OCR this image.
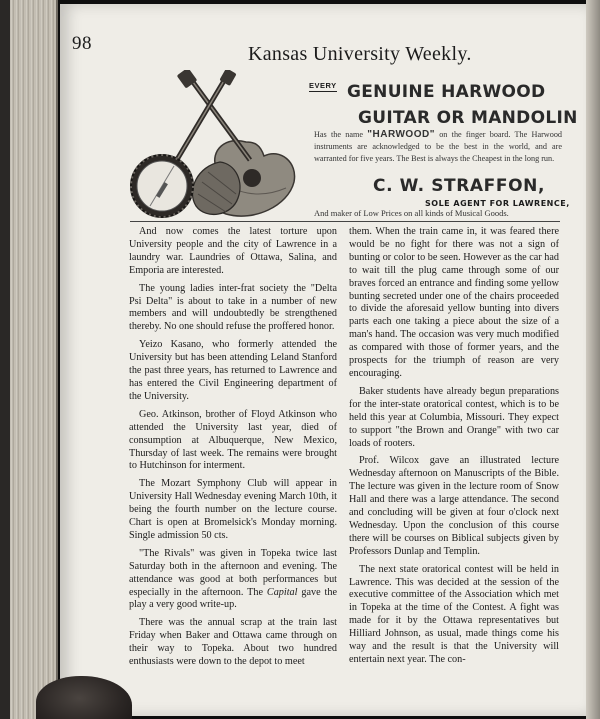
98	Kansas University Weekly.
EVERY GENUINE HARWOOD
GUITAR OR MANDOLIN
Has the name "HARWOOD" on the finger board. The Harwood instruments are acknowledged to be the best in the world, and are warranted for five years. The Best is always the Cheapest in the long run.
C. W. STRAFFON,
SOLE AGENT FOR LAWRENCE,
And maker of Low Prices on all kinds of Musical Goods.

And now comes the latest torture upon University people and the city of Lawrence in a laundry war. Laundries of Ottawa, Salina, and Emporia are interested.

The young ladies inter-frat society the "Delta Psi Delta" is about to take in a number of new members and will undoubtedly be strengthened thereby. No one should refuse the proffered honor.

Yeizo Kasano, who formerly attended the University but has been attending Leland Stanford the past three years, has returned to Lawrence and has entered the Civil Engineering department of the University.

Geo. Atkinson, brother of Floyd Atkinson who attended the University last year, died of consumption at Albuquerque, New Mexico, Thursday of last week. The remains were brought to Hutchinson for interment.

The Mozart Symphony Club will appear in University Hall Wednesday evening March 10th, it being the fourth number on the lecture course. Chart is open at Bromelsick's Monday morning. Single admission 50 cts.

"The Rivals" was given in Topeka twice last Saturday both in the afternoon and evening. The attendance was good at both performances but especially in the afternoon. The Capital gave the play a very good write-up.

There was the annual scrap at the train last Friday when Baker and Ottawa came through on their way to Topeka. About two hundred enthusiasts were down to the depot to meet

them. When the train came in, it was feared there would be no fight for there was not a sign of bunting or color to be seen. However as the car had to wait till the plug came through some of our braves forced an entrance and finding some yellow bunting secreted under one of the chairs proceeded to divide the aforesaid yellow bunting into divers parts each one taking a piece about the size of a man's hand. The occasion was very much modified as compared with those of former years, and the prospects for the triumph of reason are very encouraging.

Baker students have already begun preparations for the inter-state oratorical contest, which is to be held this year at Columbia, Missouri. They expect to support "the Brown and Orange" with two car loads of rooters.

Prof. Wilcox gave an illustrated lecture Wednesday afternoon on Manuscripts of the Bible. The lecture was given in the lecture room of Snow Hall and there was a large attendance. The second and concluding will be given at four o'clock next Wednesday. Upon the conclusion of this course there will be courses on Biblical subjects given by Professors Dunlap and Templin.

The next state oratorical contest will be held in Lawrence. This was decided at the session of the executive committee of the Association which met in Topeka at the time of the Contest. A fight was made for it by the Ottawa representatives but Hilliard Johnson, as usual, made things come his way and the result is that the University will entertain next year. The con-
